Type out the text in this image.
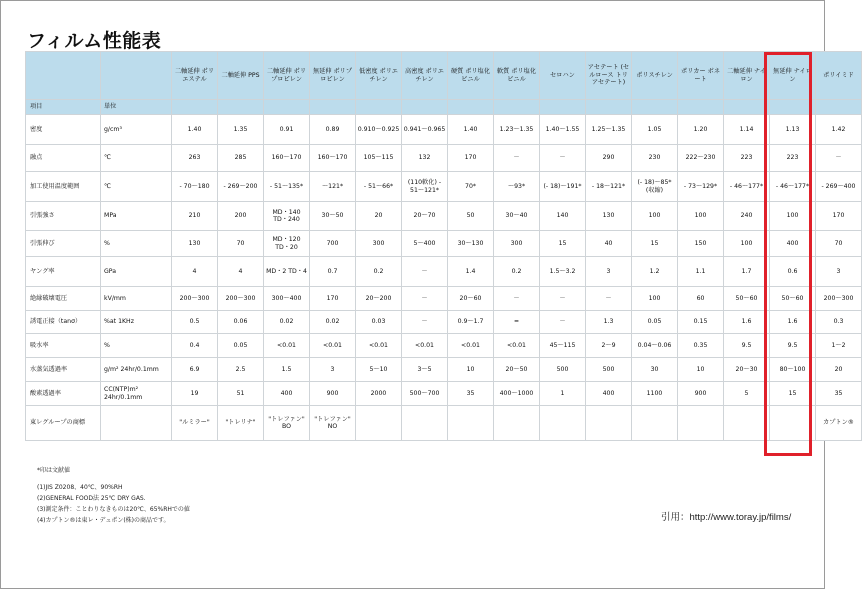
フィルム性能表
		二軸延伸 ポリエステル	二軸延伸 PPS	二軸延伸 ポリプロピレン	無延伸 ポリプロピレン	低密度 ポリエチレン	高密度 ポリエチレン	硬質 ポリ塩化ビニル	軟質 ポリ塩化ビニル	セロハン	アセテート (セルロース トリアセテート)	ポリスチレン	ポリカー ボネート	二軸延伸 ナイロン	無延伸 ナイロン	ポリイミド
項目	単位															
密度	g/cm³	1.40	1.35	0.91	0.89	0.910～0.925	0.941～0.965	1.40	1.23～1.35	1.40～1.55	1.25～1.35	1.05	1.20	1.14	1.13	1.42
融点	℃	263	285	160～170	160～170	105～115	132	170	－	－	290	230	222～230	223	223	－
加工使用温度範囲	℃	- 70～180	- 269～200	- 51～135*	～121*	- 51～66*	(110軟化) - 51～121*	70*	～93*	(- 18)～191*	- 18～121*	(- 18)～85* (収縮)	- 73～129*	- 46～177*	- 46～177*	- 269～400
引張強さ	MPa	210	200	MD・140 TD・240	30～50	20	20～70	50	30～40	140	130	100	100	240	100	170
引張伸び	%	130	70	MD・120 TD・20	700	300	5～400	30～130	300	15	40	15	150	100	400	70
ヤング率	GPa	4	4	MD・2 TD・4	0.7	0.2	－	1.4	0.2	1.5～3.2	3	1.2	1.1	1.7	0.6	3
絶縁破壊電圧	kV/mm	200～300	200～300	300～400	170	20～200	－	20～60	－	－	－	100	60	50～60	50～60	200～300
誘電正接（tanσ）	%at 1KHz	0.5	0.06	0.02	0.02	0.03	－	0.9～1.7	━	－	1.3	0.05	0.15	1.6	1.6	0.3
吸水率	%	0.4	0.05	<0.01	<0.01	<0.01	<0.01	<0.01	<0.01	45～115	2～9	0.04～0.06	0.35	9.5	9.5	1～2
水蒸気透過率	g/m² 24hr/0.1mm	6.9	2.5	1.5	3	5～10	3～5	10	20～50	500	500	30	10	20～30	80～100	20
酸素透過率	CC(NTP)m² 24hr/0.1mm	19	51	400	900	2000	500～700	35	400～1000	1	400	1100	900	5	15	35
東レグループの商標		"ルミラー"	"トレリナ"	"トレファン" BO	"トレファン" NO											カプトン®
*印は文献値
(1)JIS Z0208、40℃、90%RH
(2)GENERAL FOOD法 25℃ DRY GAS.
(3)測定条件：ことわりなきものは20℃、65%RHでの値
(4)カプトン®は東レ・デュポン(株)の商品です。	引用：http://www.toray.jp/films/
